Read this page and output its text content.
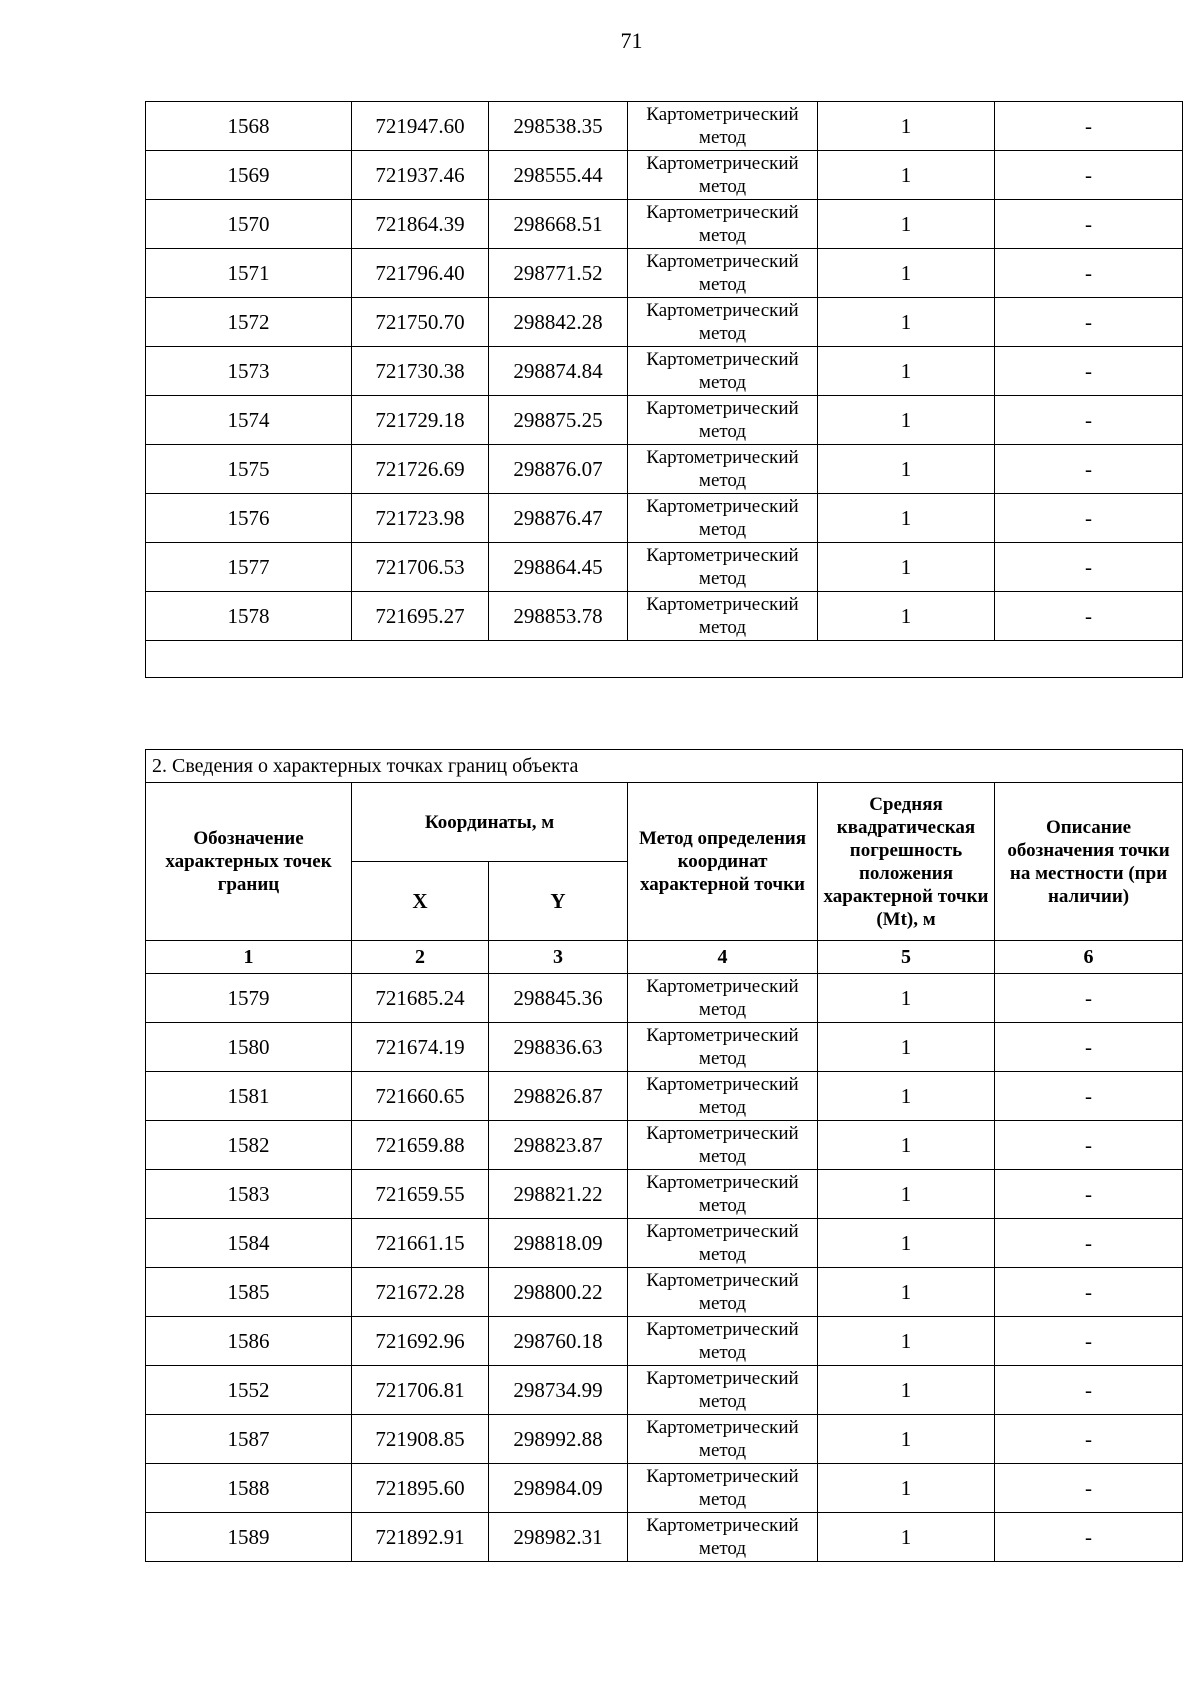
71
1568	721947.60	298538.35	Картометрический метод	1	-
1569	721937.46	298555.44	Картометрический метод	1	-
1570	721864.39	298668.51	Картометрический метод	1	-
1571	721796.40	298771.52	Картометрический метод	1	-
1572	721750.70	298842.28	Картометрический метод	1	-
1573	721730.38	298874.84	Картометрический метод	1	-
1574	721729.18	298875.25	Картометрический метод	1	-
1575	721726.69	298876.07	Картометрический метод	1	-
1576	721723.98	298876.47	Картометрический метод	1	-
1577	721706.53	298864.45	Картометрический метод	1	-
1578	721695.27	298853.78	Картометрический метод	1	-

2. Сведения о характерных точках границ объекта					
Обозначение характерных точек границ	Координаты, м		Метод определения координат характерной точки	Средняя квадратическая погрешность положения характерной точки (Mt), м	Описание обозначения точки на местности (при наличии)
	X	Y			
1	2	3	4	5	6
1579	721685.24	298845.36	Картометрический метод	1	-
1580	721674.19	298836.63	Картометрический метод	1	-
1581	721660.65	298826.87	Картометрический метод	1	-
1582	721659.88	298823.87	Картометрический метод	1	-
1583	721659.55	298821.22	Картометрический метод	1	-
1584	721661.15	298818.09	Картометрический метод	1	-
1585	721672.28	298800.22	Картометрический метод	1	-
1586	721692.96	298760.18	Картометрический метод	1	-
1552	721706.81	298734.99	Картометрический метод	1	-
1587	721908.85	298992.88	Картометрический метод	1	-
1588	721895.60	298984.09	Картометрический метод	1	-
1589	721892.91	298982.31	Картометрический метод	1	-
